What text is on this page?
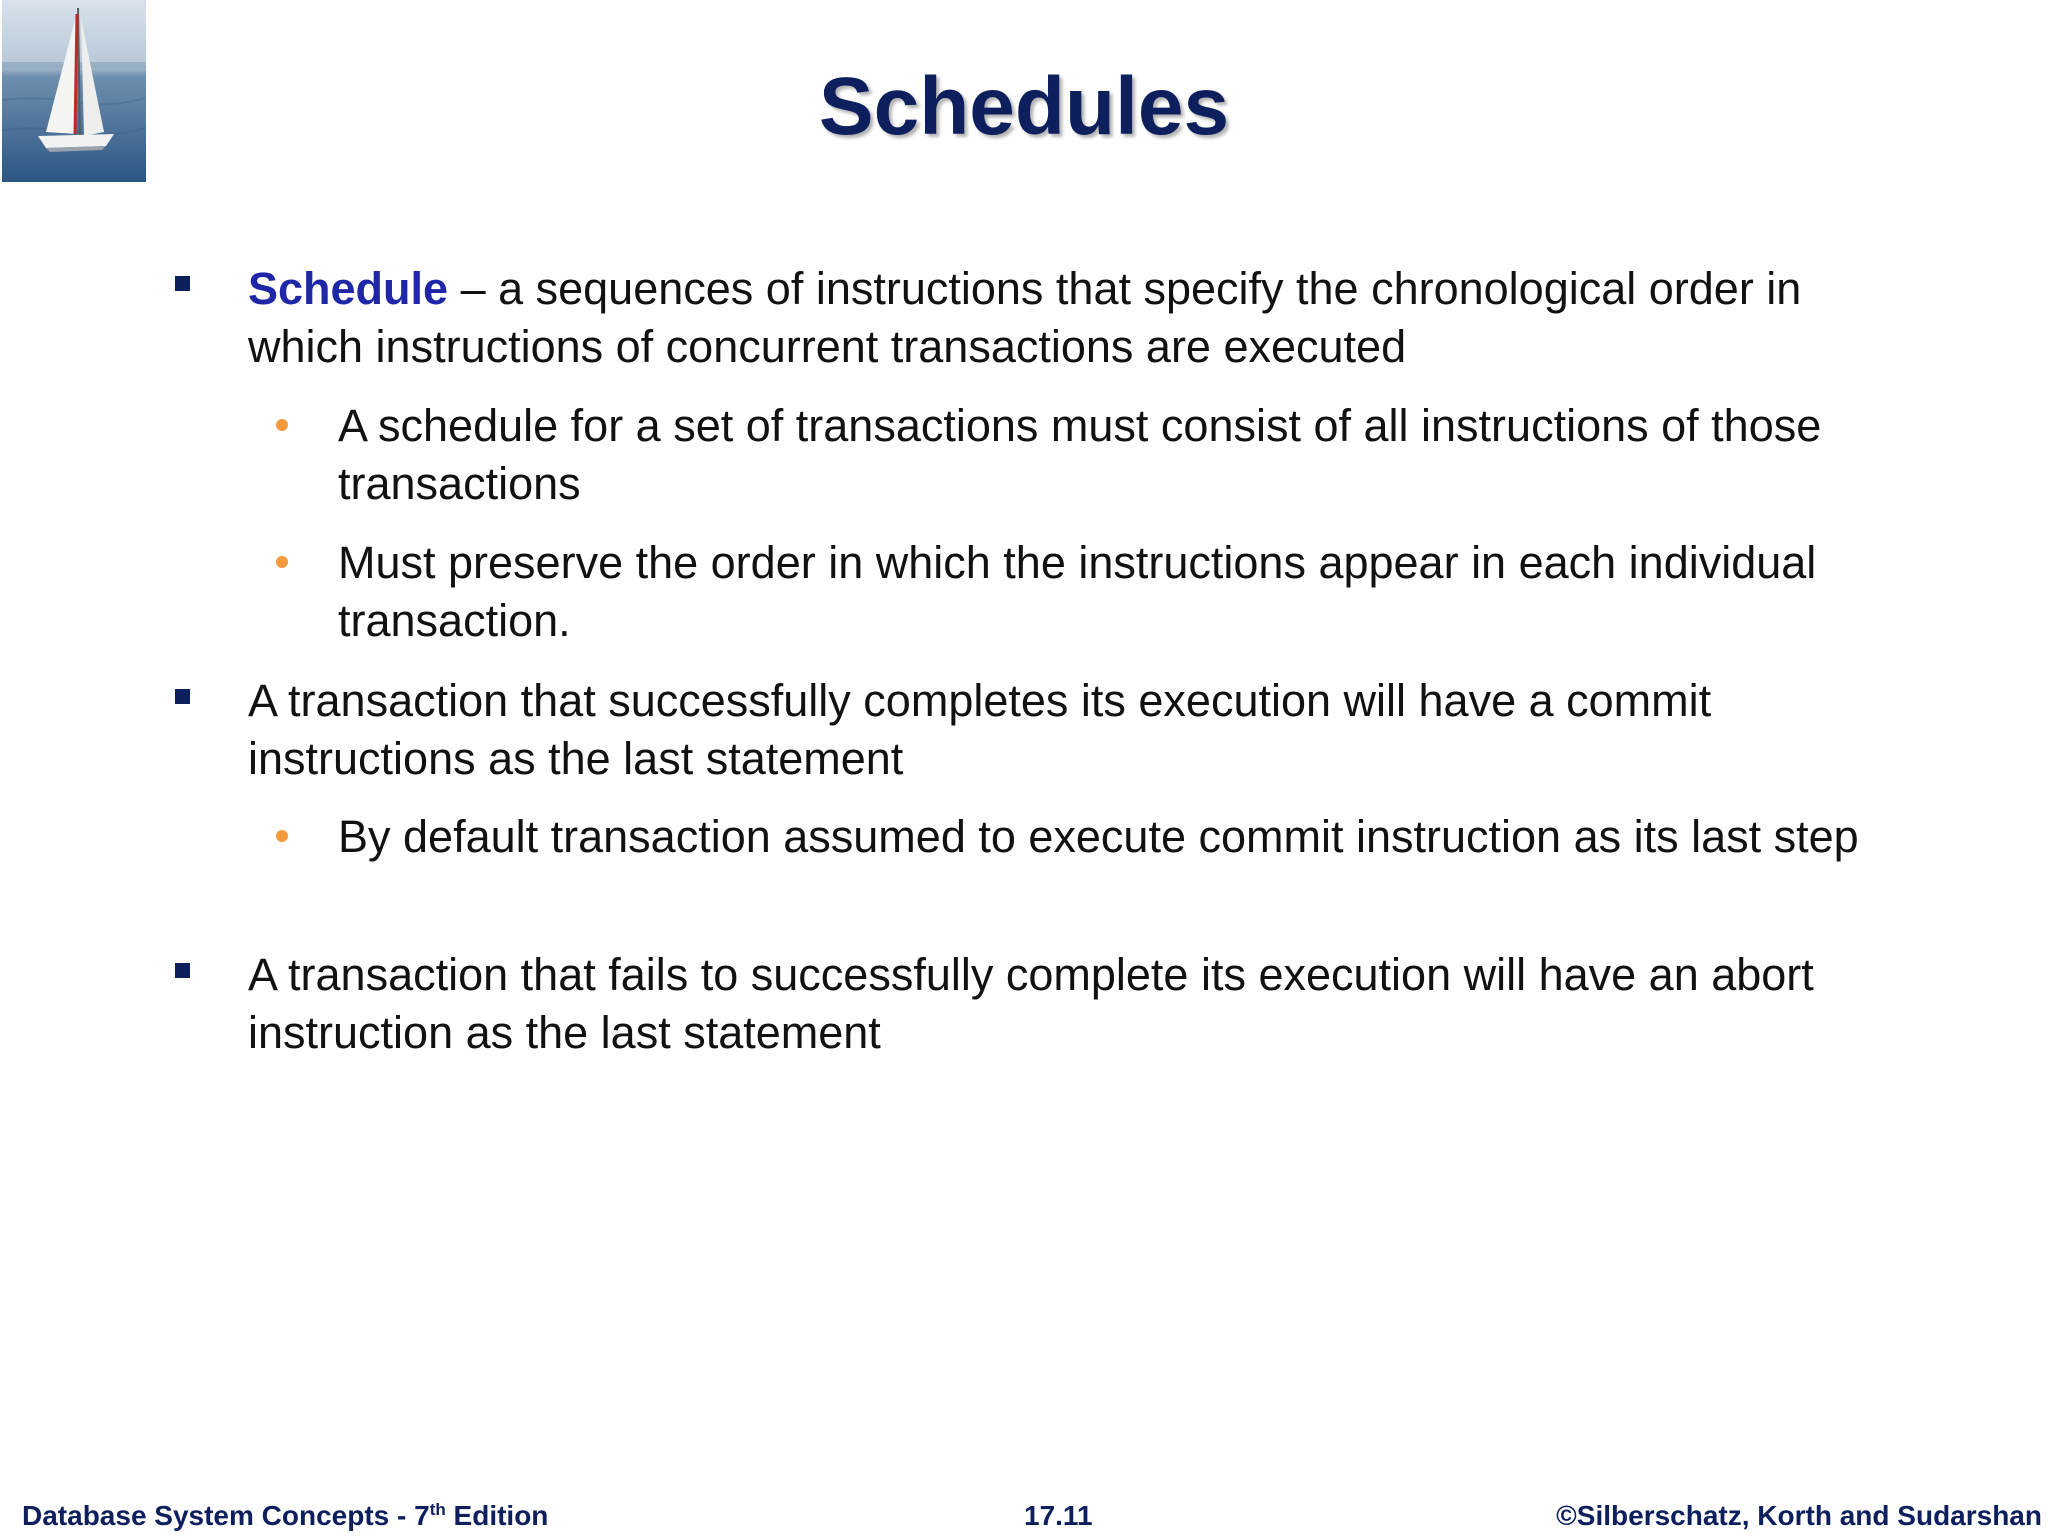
Schedules
Schedule – a sequences of instructions that specify the chronological order in which instructions of concurrent transactions are executed
A schedule for a set of transactions must consist of all instructions of those transactions
Must preserve the order in which the instructions appear in each individual transaction.
A transaction that successfully completes its execution will have a commit instructions as the last statement
By default transaction assumed to execute commit instruction as its last step
A transaction that fails to successfully complete its execution will have an abort instruction as the last statement
Database System Concepts - 7th Edition	17.11	©Silberschatz, Korth and Sudarshan
